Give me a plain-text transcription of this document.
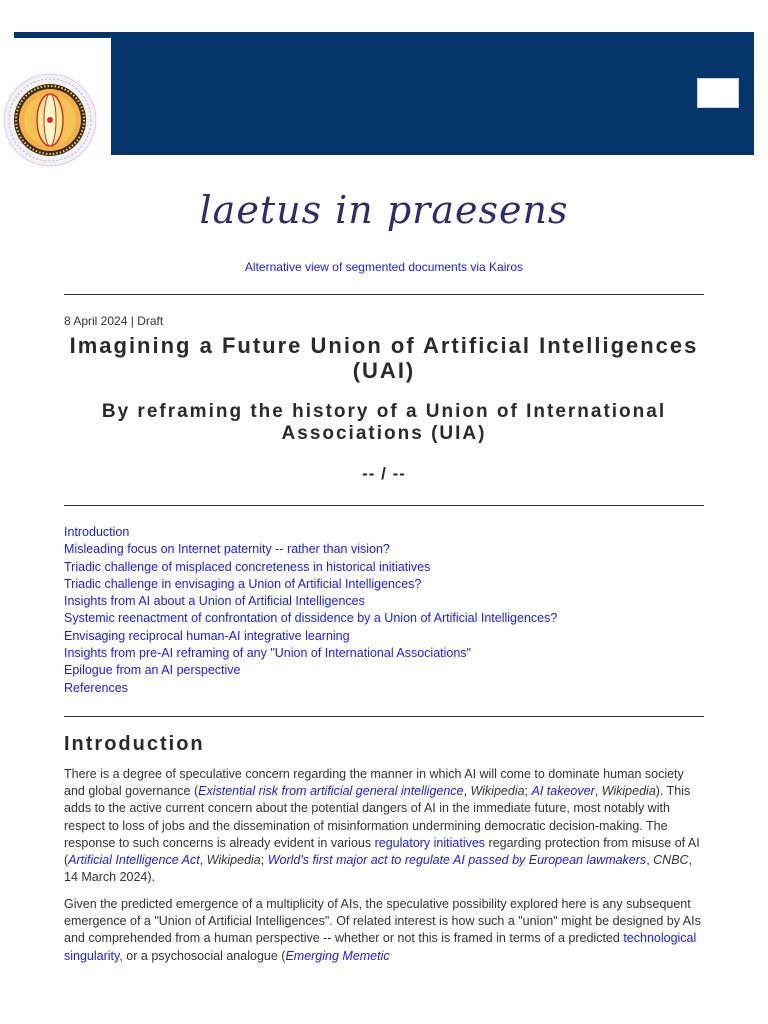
laetus in praesens
Alternative view of segmented documents via Kairos
8 April 2024 | Draft
Imagining a Future Union of Artificial Intelligences (UAI)
By reframing the history of a Union of International Associations (UIA)
-- / --
Introduction
Misleading focus on Internet paternity -- rather than vision?
Triadic challenge of misplaced concreteness in historical initiatives
Triadic challenge in envisaging a Union of Artificial Intelligences?
Insights from AI about a Union of Artificial Intelligences
Systemic reenactment of confrontation of dissidence by a Union of Artificial Intelligences?
Envisaging reciprocal human-AI integrative learning
Insights from pre-AI reframing of any "Union of International Associations"
Epilogue from an AI perspective
References
Introduction

There is a degree of speculative concern regarding the manner in which AI will come to dominate human society and global governance (Existential risk from artificial general intelligence, Wikipedia; AI takeover, Wikipedia). This adds to the active current concern about the potential dangers of AI in the immediate future, most notably with respect to loss of jobs and the dissemination of misinformation undermining democratic decision-making. The response to such concerns is already evident in various regulatory initiatives regarding protection from misuse of AI (Artificial Intelligence Act, Wikipedia; World's first major act to regulate AI passed by European lawmakers, CNBC, 14 March 2024).

Given the predicted emergence of a multiplicity of AIs, the speculative possibility explored here is any subsequent emergence of a "Union of Artificial Intelligences". Of related interest is how such a "union" might be designed by AIs and comprehended from a human perspective -- whether or not this is framed in terms of a predicted technological singularity, or a psychosocial analogue (Emerging Memetic
